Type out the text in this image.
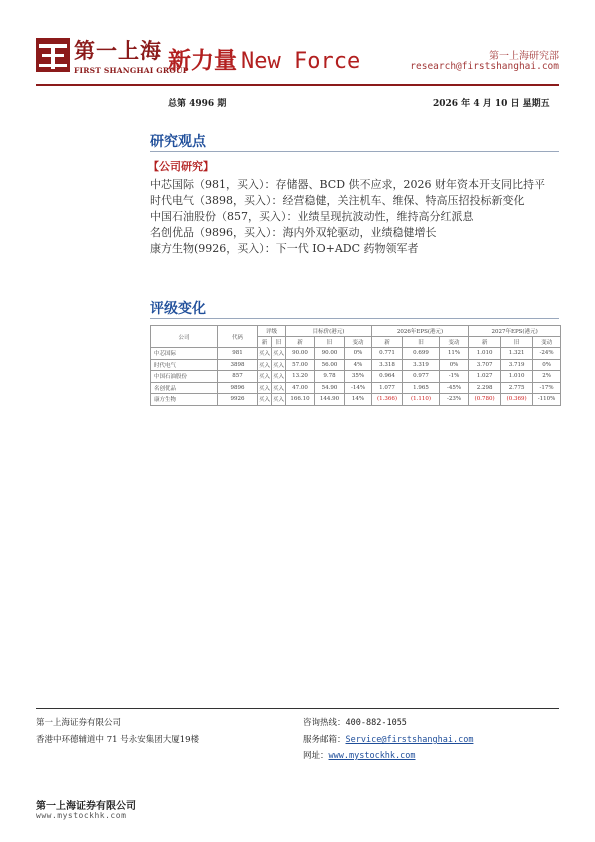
第一上海
FIRST SHANGHAI GROUP
新力量 New Force	第一上海研究部
research@firstshanghai.com
总第 4996 期	2026 年 4 月 10 日 星期五
研究观点
【公司研究】
中芯国际（981，买入）：存储器、BCD 供不应求，2026 财年资本开支同比持平
时代电气（3898，买入）：经营稳健，关注机车、维保、特高压招投标新变化
中国石油股份（857，买入）：业绩呈现抗波动性，维持高分红派息
名创优品（9896，买入）：海内外双轮驱动，业绩稳健增长
康方生物(9926，买入）：下一代 IO+ADC 药物领军者
评级变化
公司	代码	评级		目标价(港元)			2026年EPS(港元)			2027年EPS(港元)		
		新	旧	新	旧	变动	新	旧	变动	新	旧	变动
中芯国际	981	买入	买入	90.00	90.00	0%	0.771	0.699	11%	1.010	1.321	-24%
时代电气	3898	买入	买入	57.00	56.00	4%	3.318	3.319	0%	3.707	3.719	0%
中国石油股份	857	买入	买入	13.20	9.78	35%	0.964	0.977	-1%	1.027	1.010	2%
名创优品	9896	买入	买入	47.00	54.90	-14%	1.077	1.965	-45%	2.298	2.775	-17%
康方生物	9926	买入	买入	166.10	144.90	14%	(1.366)	(1.110)	-23%	(0.780)	(0.369)	-110%
第一上海证券有限公司
香港中环德辅道中 71 号永安集团大厦19楼
咨询热线：400-882-1055
服务邮箱：Service@firstshanghai.com
网址：www.mystockhk.com
第一上海证券有限公司
www.mystockhk.com
